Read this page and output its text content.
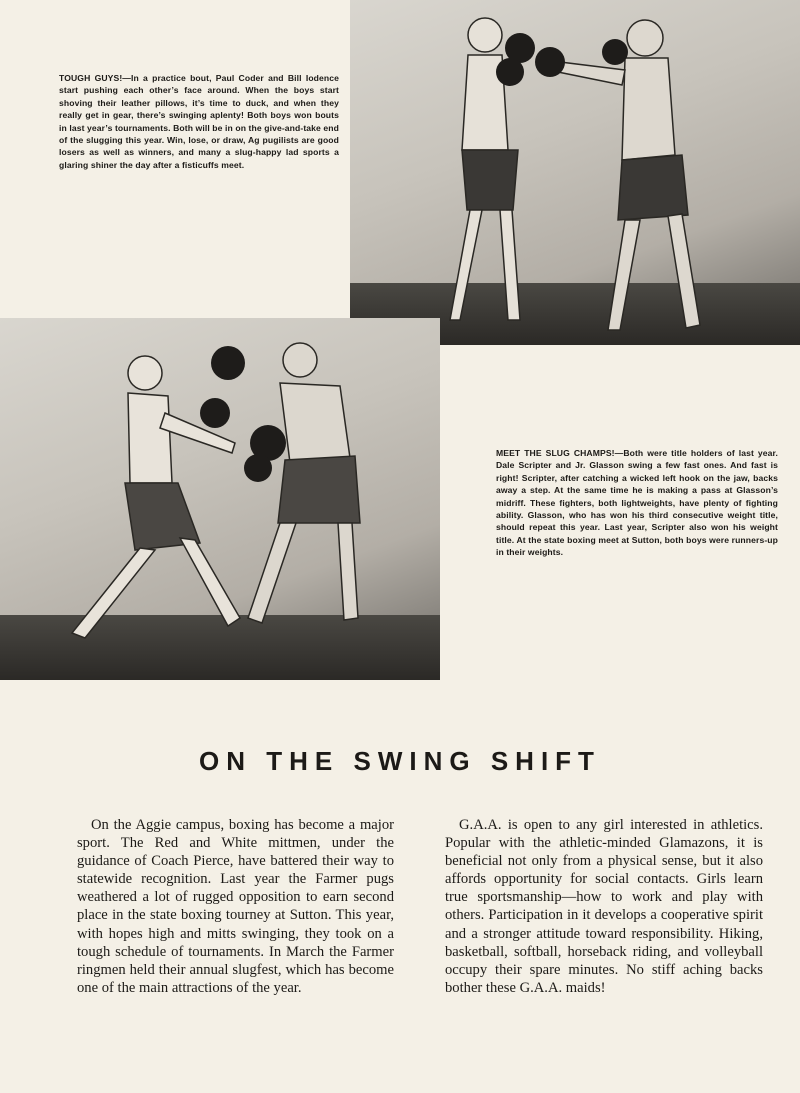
TOUGH GUYS!—In a practice bout, Paul Coder and Bill Iodence start pushing each other’s face around. When the boys start shoving their leather pillows, it’s time to duck, and when they really get in gear, there’s swinging aplenty! Both boys won bouts in last year’s tournaments. Both will be in on the give-and-take end of the slugging this year. Win, lose, or draw, Ag pugilists are good losers as well as winners, and many a slug-happy lad sports a glaring shiner the day after a fisticuffs meet.
MEET THE SLUG CHAMPS!—Both were title holders of last year. Dale Scripter and Jr. Glasson swing a few fast ones. And fast is right! Scripter, after catching a wicked left hook on the jaw, backs away a step. At the same time he is making a pass at Glasson’s midriff. These fighters, both lightweights, have plenty of fighting ability. Glasson, who has won his third consecutive weight title, should repeat this year. Last year, Scripter also won his weight title. At the state boxing meet at Sutton, both boys were runners-up in their weights.
ON THE SWING SHIFT

On the Aggie campus, boxing has become a major sport. The Red and White mittmen, under the guidance of Coach Pierce, have battered their way to statewide recognition. Last year the Farmer pugs weathered a lot of rugged opposition to earn second place in the state boxing tourney at Sutton. This year, with hopes high and mitts swinging, they took on a tough schedule of tournaments. In March the Farmer ringmen held their annual slugfest, which has become one of the main attractions of the year.

G.A.A. is open to any girl interested in athletics. Popular with the athletic-minded Glamazons, it is beneficial not only from a physical sense, but it also affords opportunity for social contacts. Girls learn true sportsmanship—how to work and play with others. Participation in it develops a cooperative spirit and a stronger attitude toward responsibility. Hiking, basketball, softball, horseback riding, and volleyball occupy their spare minutes. No stiff aching backs bother these G.A.A. maids!
